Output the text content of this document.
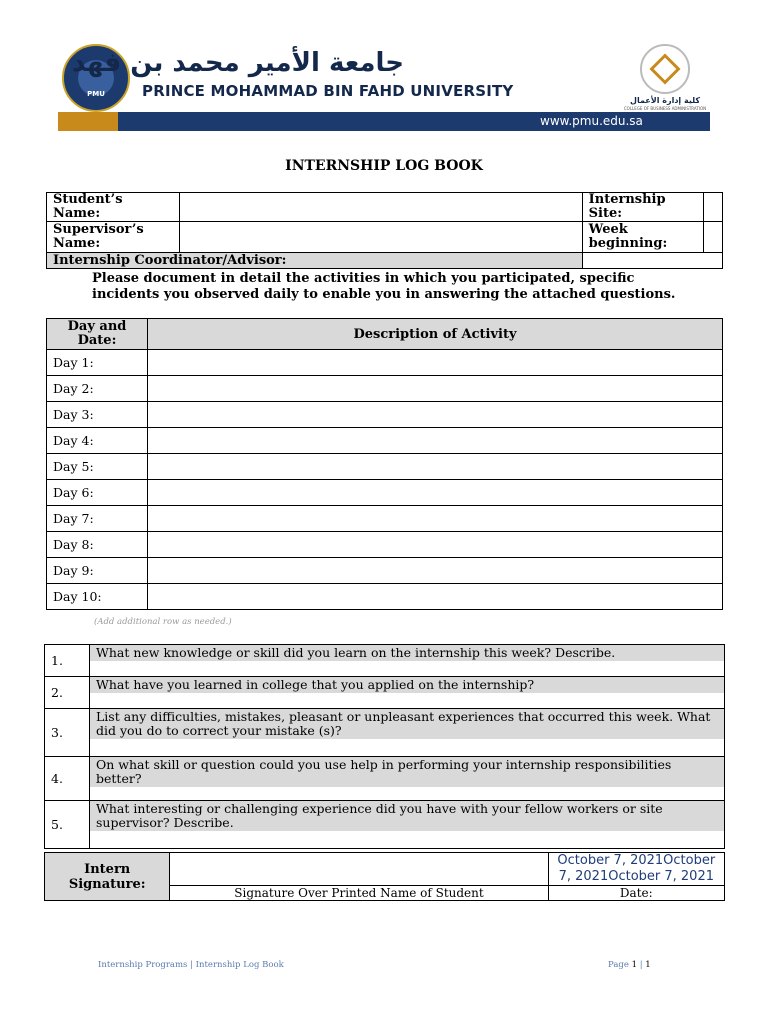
PMU
جامعة الأمير محمد بن فهد
PRINCE MOHAMMAD BIN FAHD UNIVERSITY
كلية إدارة الأعمال
COLLEGE OF BUSINESS ADMINISTRATION
www.pmu.edu.sa
INTERNSHIP LOG BOOK
Student’s Name:		Internship Site:	
Supervisor’s Name:		Week beginning:	
Internship Coordinator/Advisor:			
Please document in detail the activities in which you participated, specific incidents you observed daily to enable you in answering the attached questions.
Day and Date:	Description of Activity
Day 1:	
Day 2:	
Day 3:	
Day 4:	
Day 5:	
Day 6:	
Day 7:	
Day 8:	
Day 9:	
Day 10:	
(Add additional row as needed.)
1.	What new knowledge or skill did you learn on the internship this week? Describe.

2.	What have you learned in college that you applied on the internship?

3.	List any difficulties, mistakes, pleasant or unpleasant experiences that occurred this week. What did you do to correct your mistake (s)?

4.	On what skill or question could you use help in performing your internship responsibilities better?

5.	What interesting or challenging experience did you have with your fellow workers or site supervisor? Describe.
Intern Signature:		October 7, 2021October 7, 2021October 7, 2021
	Signature Over Printed Name of Student	Date:
Internship Programs | Internship Log Book	Page 1 | 1
